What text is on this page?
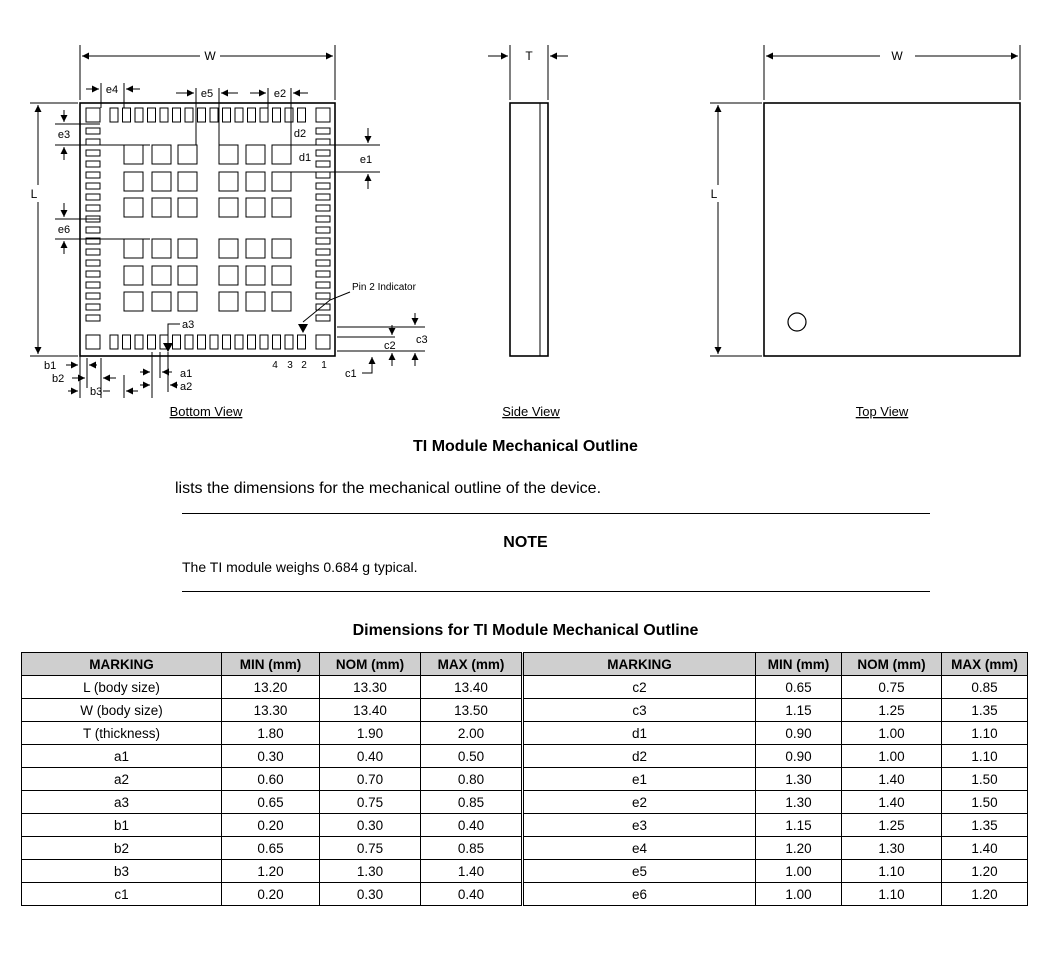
W
L
e4	e5	e2
d2
d1	e1
e3
e6
Pin 2 Indicator
a3
c3
c2
c1
4 3 2 1
b1
b2
b3
a1
a2
Bottom View
T
Side View
W
L
Top View
TI Module Mechanical Outline
lists the dimensions for the mechanical outline of the device.
NOTE
The TI module weighs 0.684 g typical.
Dimensions for TI Module Mechanical Outline
MARKING	MIN (mm)	NOM (mm)	MAX (mm)	MARKING	MIN (mm)	NOM (mm)	MAX (mm)
L (body size)	13.20	13.30	13.40	c2	0.65	0.75	0.85
W (body size)	13.30	13.40	13.50	c3	1.15	1.25	1.35
T (thickness)	1.80	1.90	2.00	d1	0.90	1.00	1.10
a1	0.30	0.40	0.50	d2	0.90	1.00	1.10
a2	0.60	0.70	0.80	e1	1.30	1.40	1.50
a3	0.65	0.75	0.85	e2	1.30	1.40	1.50
b1	0.20	0.30	0.40	e3	1.15	1.25	1.35
b2	0.65	0.75	0.85	e4	1.20	1.30	1.40
b3	1.20	1.30	1.40	e5	1.00	1.10	1.20
c1	0.20	0.30	0.40	e6	1.00	1.10	1.20
